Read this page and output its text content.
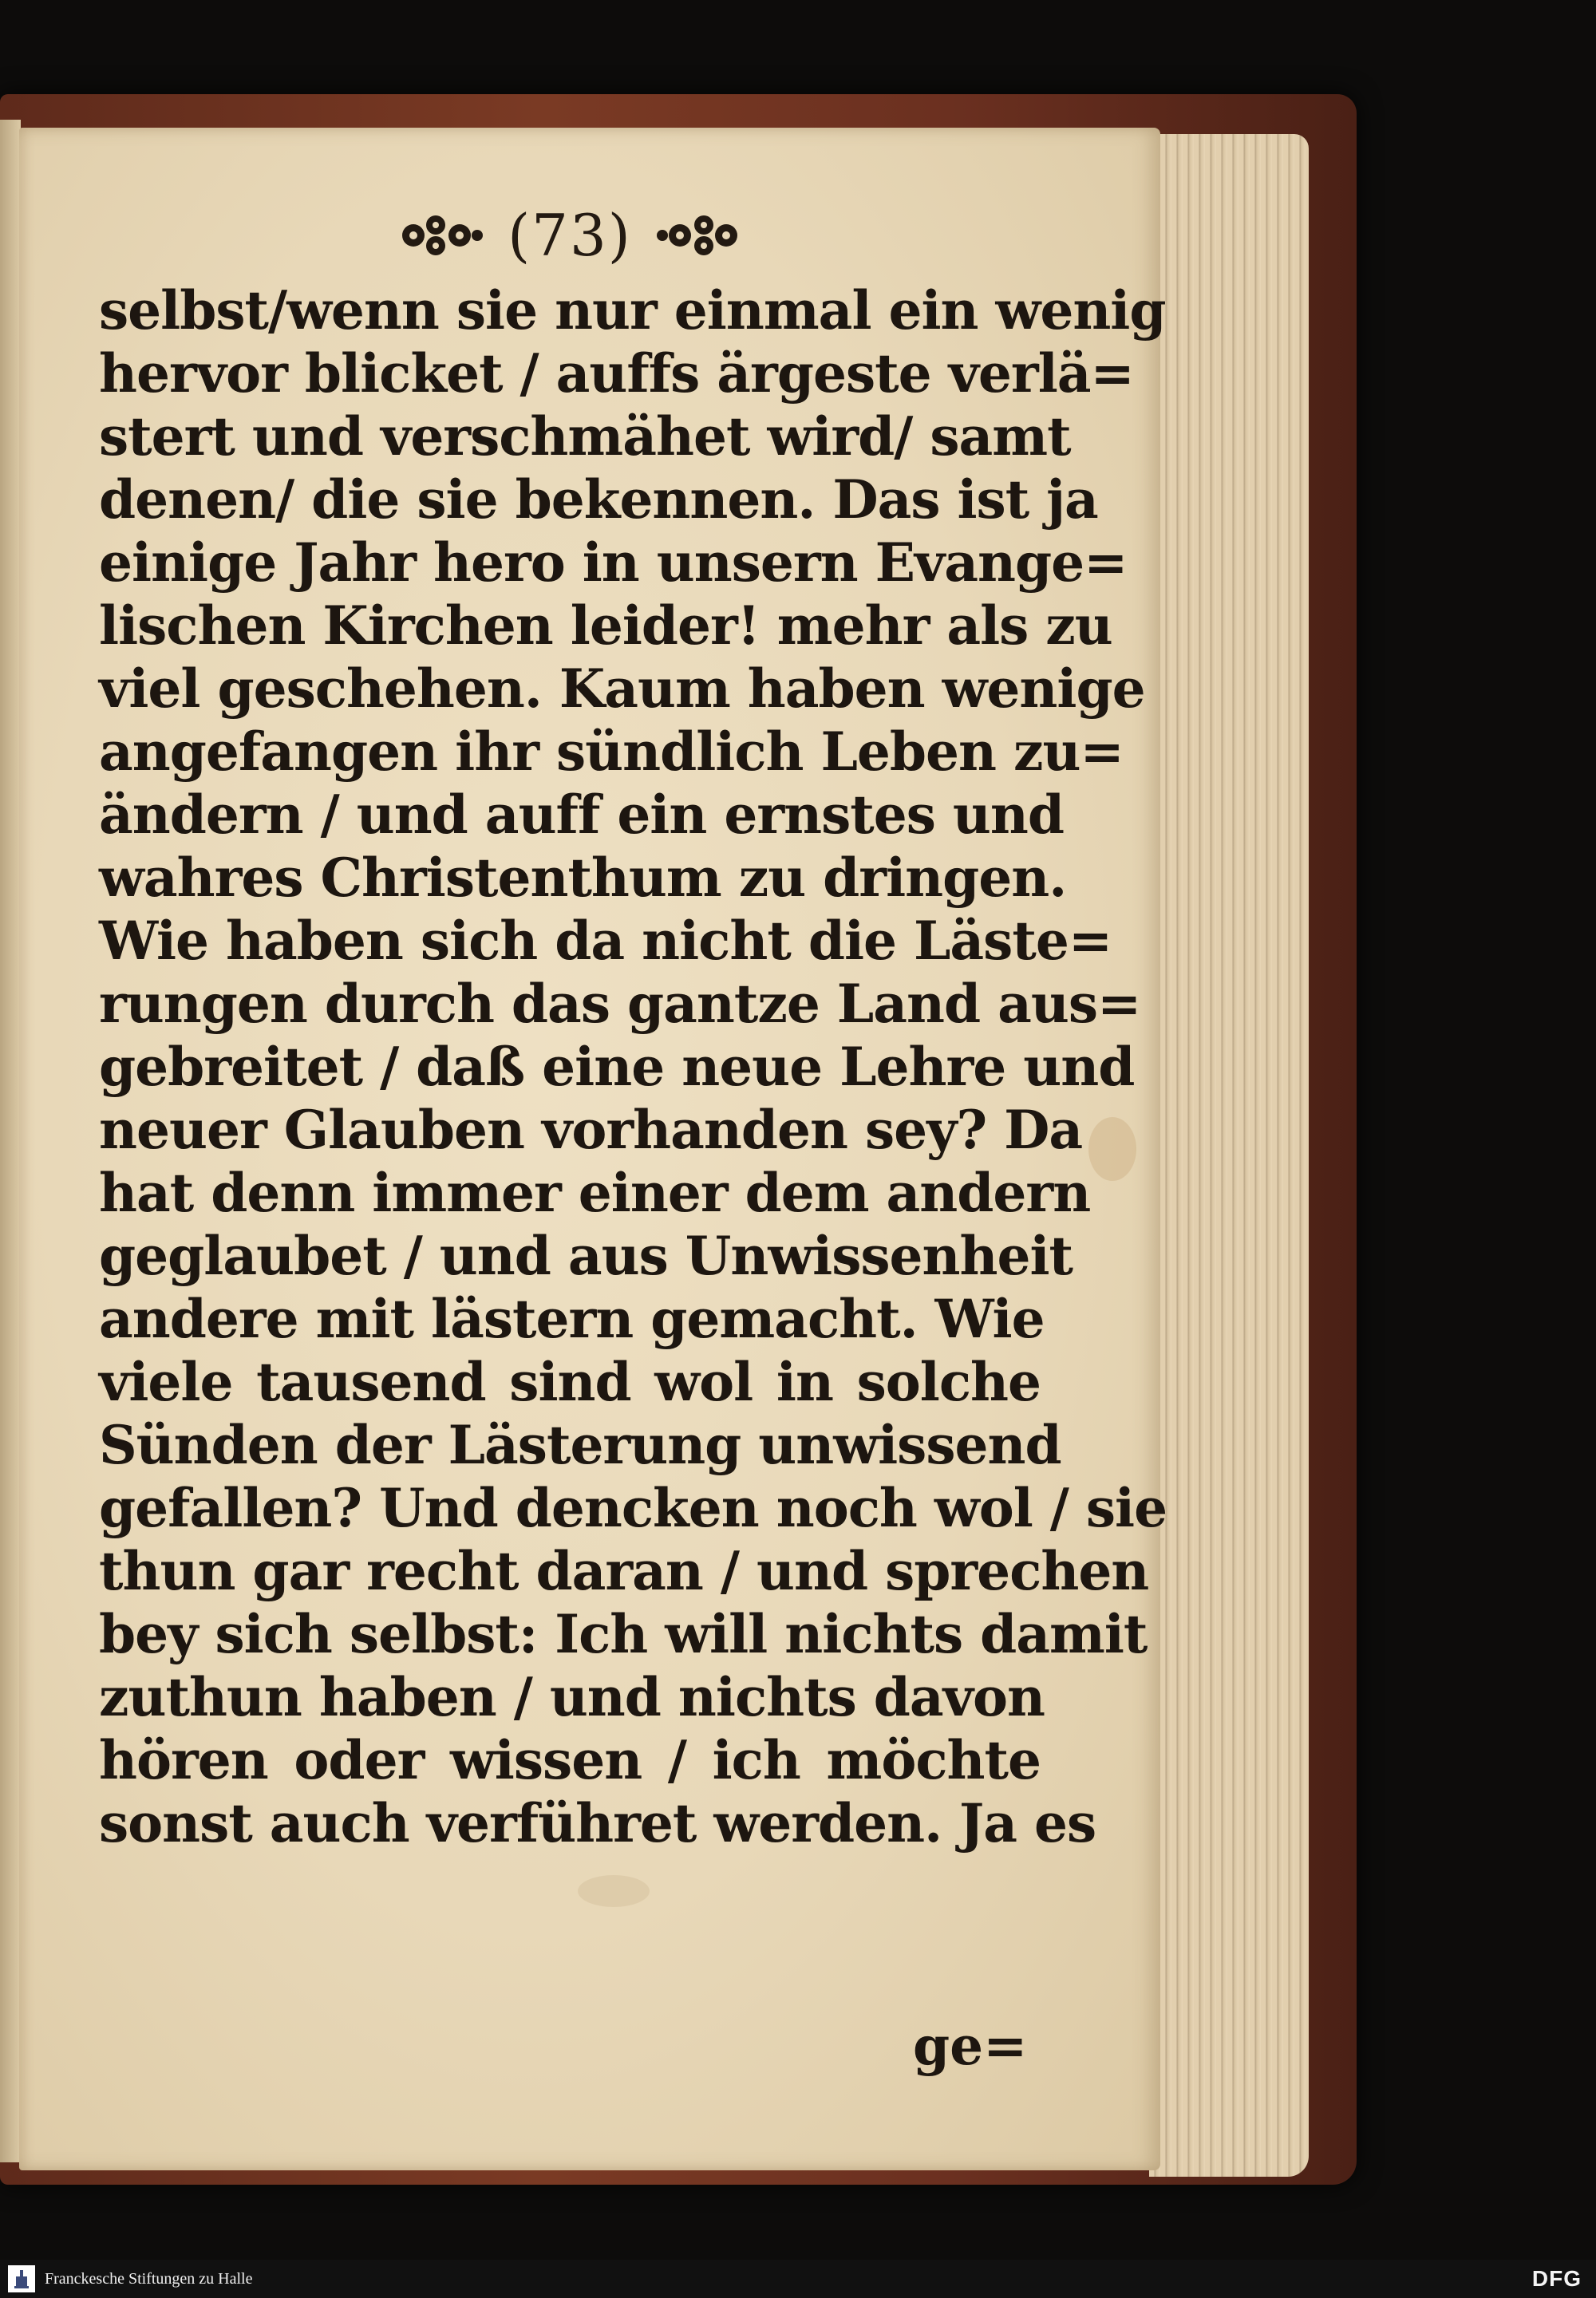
(73)
selbst/wenn sie nur einmal ein wenig
hervor blicket / auffs ärgeste verlä=
stert und verschmähet wird/ samt
denen/ die sie bekennen. Das ist ja
einige Jahr hero in unsern Evange=
lischen Kirchen leider! mehr als zu
viel geschehen. Kaum haben wenige
angefangen ihr sündlich Leben zu=
ändern / und auff ein ernstes und
wahres Christenthum zu dringen.
Wie haben sich da nicht die Läste=
rungen durch das gantze Land aus=
gebreitet / daß eine neue Lehre und
neuer Glauben vorhanden sey? Da
hat denn immer einer dem andern
geglaubet / und aus Unwissenheit
andere mit lästern gemacht. Wie
viele tausend sind wol in solche
Sünden der Lästerung unwissend
gefallen? Und dencken noch wol / sie
thun gar recht daran / und sprechen
bey sich selbst: Ich will nichts damit
zuthun haben / und nichts davon
hören oder wissen / ich möchte
sonst auch verführet werden. Ja es
ge=
Franckesche Stiftungen zu Halle	DFG
